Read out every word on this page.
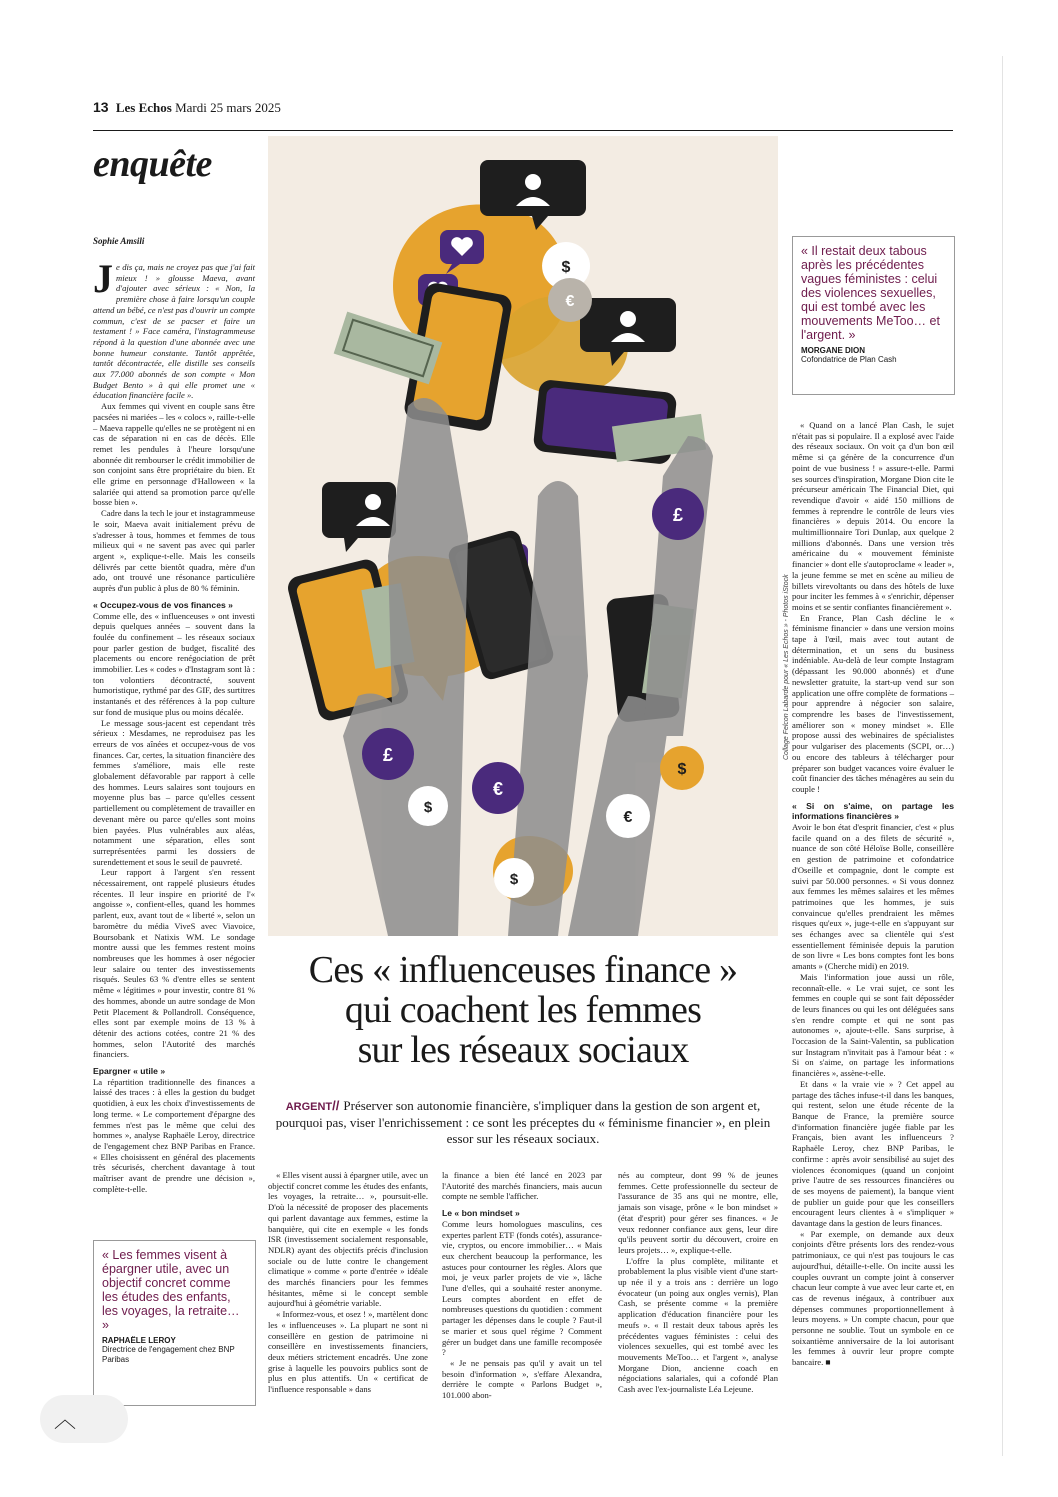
13 Les Echos Mardi 25 mars 2025
enquête
Sophie Amsili

Je dis ça, mais ne croyez pas que j'ai fait mieux ! » glousse Maeva, avant d'ajouter avec sérieux : « Non, la première chose à faire lorsqu'un couple attend un bébé, ce n'est pas d'ouvrir un compte commun, c'est de se pacser et faire un testament ! » Face caméra, l'instagrammeuse répond à la question d'une abonnée avec une bonne humeur constante. Tantôt apprêtée, tantôt décontractée, elle distille ses conseils aux 77.000 abonnés de son compte « Mon Budget Bento » à qui elle promet une « éducation financière facile ».

Aux femmes qui vivent en couple sans être pacsées ni mariées – les « colocs », raille-t-elle – Maeva rappelle qu'elles ne se protègent ni en cas de séparation ni en cas de décès. Elle remet les pendules à l'heure lorsqu'une abonnée dit rembourser le crédit immobilier de son conjoint sans être propriétaire du bien. Et elle grime en personnage d'Halloween « la salariée qui attend sa promotion parce qu'elle bosse bien ».

Cadre dans la tech le jour et instagrammeuse le soir, Maeva avait initialement prévu de s'adresser à tous, hommes et femmes de tous milieux qui « ne savent pas avec qui parler argent », explique-t-elle. Mais les conseils délivrés par cette bientôt quadra, mère d'un ado, ont trouvé une résonance particulière auprès d'un public à plus de 80 % féminin.

« Occupez-vous de vos finances »

Comme elle, des « influenceuses » ont investi depuis quelques années – souvent dans la foulée du confinement – les réseaux sociaux pour parler gestion de budget, fiscalité des placements ou encore renégociation de prêt immobilier. Les « codes » d'Instagram sont là : ton volontiers décontracté, souvent humoristique, rythmé par des GIF, des surtitres instantanés et des références à la pop culture sur fond de musique plus ou moins décalée.

Le message sous-jacent est cependant très sérieux : Mesdames, ne reproduisez pas les erreurs de vos aînées et occupez-vous de vos finances. Car, certes, la situation financière des femmes s'améliore, mais elle reste globalement défavorable par rapport à celle des hommes. Leurs salaires sont toujours en moyenne plus bas – parce qu'elles cessent partiellement ou complètement de travailler en devenant mère ou parce qu'elles sont moins bien payées. Plus vulnérables aux aléas, notamment une séparation, elles sont surreprésentées parmi les dossiers de surendettement et sous le seuil de pauvreté.

Leur rapport à l'argent s'en ressent nécessairement, ont rappelé plusieurs études récentes. Il leur inspire en priorité de l'« angoisse », confient-elles, quand les hommes parlent, eux, avant tout de « liberté », selon un baromètre du média ViveS avec Viavoice, Boursobank et Natixis WM. Le sondage montre aussi que les femmes restent moins nombreuses que les hommes à oser négocier leur salaire ou tenter des investissements risqués. Seules 63 % d'entre elles se sentent même « légitimes » pour investir, contre 81 % des hommes, abonde un autre sondage de Mon Petit Placement & Pollandroll. Conséquence, elles sont par exemple moins de 13 % à détenir des actions cotées, contre 21 % des hommes, selon l'Autorité des marchés financiers.

Epargner « utile »

La répartition traditionnelle des finances a laissé des traces : à elles la gestion du budget quotidien, à eux les choix d'investissements de long terme. « Le comportement d'épargne des femmes n'est pas le même que celui des hommes », analyse Raphaële Leroy, directrice de l'engagement chez BNP Paribas en France. « Elles choisissent en général des placements très sécurisés, cherchent davantage à tout maîtriser avant de prendre une décision », complète-t-elle.

« Les femmes visent à épargner utile, avec un objectif concret comme les études des enfants, les voyages, la retraite… »
RAPHAËLE LEROY
Directrice de l'engagement chez BNP Paribas
$
€
£
£
€
$
$
€
$
Collage Felcon Labarde pour « Les Echos » - Photos iStock
Ces « influenceuses finance »
qui coachent les femmes
sur les réseaux sociaux
ARGENT// Préserver son autonomie financière, s'impliquer dans la gestion de son argent et, pourquoi pas, viser l'enrichissement : ce sont les préceptes du « féminisme financier », en plein essor sur les réseaux sociaux.

« Elles visent aussi à épargner utile, avec un objectif concret comme les études des enfants, les voyages, la retraite… », poursuit-elle. D'où la nécessité de proposer des placements qui parlent davantage aux femmes, estime la banquière, qui cite en exemple « les fonds ISR (investissement socialement responsable, NDLR) ayant des objectifs précis d'inclusion sociale ou de lutte contre le changement climatique » comme « porte d'entrée » idéale des marchés financiers pour les femmes hésitantes, même si le concept semble aujourd'hui à géométrie variable.

« Informez-vous, et osez ! », martèlent donc les « influenceuses ». La plupart ne sont ni conseillère en gestion de patrimoine ni conseillère en investissements financiers, deux métiers strictement encadrés. Une zone grise à laquelle les pouvoirs publics sont de plus en plus attentifs. Un « certificat de l'influence responsable » dans

la finance a bien été lancé en 2023 par l'Autorité des marchés financiers, mais aucun compte ne semble l'afficher.

Le « bon mindset »

Comme leurs homologues masculins, ces expertes parlent ETF (fonds cotés), assurance-vie, cryptos, ou encore immobilier… « Mais eux cherchent beaucoup la performance, les astuces pour contourner les règles. Alors que moi, je veux parler projets de vie », lâche l'une d'elles, qui a souhaité rester anonyme. Leurs comptes abordent en effet de nombreuses questions du quotidien : comment partager les dépenses dans le couple ? Faut-il se marier et sous quel régime ? Comment gérer un budget dans une famille recomposée ?

« Je ne pensais pas qu'il y avait un tel besoin d'information », s'effare Alexandra, derrière le compte « Parlons Budget », 101.000 abon-

nés au compteur, dont 99 % de jeunes femmes. Cette professionnelle du secteur de l'assurance de 35 ans qui ne montre, elle, jamais son visage, prône « le bon mindset » (état d'esprit) pour gérer ses finances. « Je veux redonner confiance aux gens, leur dire qu'ils peuvent sortir du découvert, croire en leurs projets… », explique-t-elle.

L'offre la plus complète, militante et probablement la plus visible vient d'une start-up née il y a trois ans : derrière un logo évocateur (un poing aux ongles vernis), Plan Cash, se présente comme « la première application d'éducation financière pour les meufs ». « Il restait deux tabous après les précédentes vagues féministes : celui des violences sexuelles, qui est tombé avec les mouvements MeToo… et l'argent », analyse Morgane Dion, ancienne coach en négociations salariales, qui a cofondé Plan Cash avec l'ex-journaliste Léa Lejeune.

« Il restait deux tabous après les précédentes vagues féministes : celui des violences sexuelles, qui est tombé avec les mouvements MeToo… et l'argent. »
MORGANE DION
Cofondatrice de Plan Cash

« Quand on a lancé Plan Cash, le sujet n'était pas si populaire. Il a explosé avec l'aide des réseaux sociaux. On voit ça d'un bon œil même si ça génère de la concurrence d'un point de vue business ! » assure-t-elle. Parmi ses sources d'inspiration, Morgane Dion cite le précurseur américain The Financial Diet, qui revendique d'avoir « aidé 150 millions de femmes à reprendre le contrôle de leurs vies financières » depuis 2014. Ou encore la multimillionnaire Tori Dunlap, aux quelque 2 millions d'abonnés. Dans une version très américaine du « mouvement féministe financier » dont elle s'autoproclame « leader », la jeune femme se met en scène au milieu de billets virevoltants ou dans des hôtels de luxe pour inciter les femmes à « s'enrichir, dépenser moins et se sentir confiantes financièrement ».

En France, Plan Cash décline le « féminisme financier » dans une version moins tape à l'œil, mais avec tout autant de détermination, et un sens du business indéniable. Au-delà de leur compte Instagram (dépassant les 90.000 abonnés) et d'une newsletter gratuite, la start-up vend sur son application une offre complète de formations – pour apprendre à négocier son salaire, comprendre les bases de l'investissement, améliorer son « money mindset ». Elle propose aussi des webinaires de spécialistes pour vulgariser des placements (SCPI, or…) ou encore des tableurs à télécharger pour préparer son budget vacances voire évaluer le coût financier des tâches ménagères au sein du couple !

« Si on s'aime, on partage les informations financières »

Avoir le bon état d'esprit financier, c'est « plus facile quand on a des filets de sécurité », nuance de son côté Héloïse Bolle, conseillère en gestion de patrimoine et cofondatrice d'Oseille et compagnie, dont le compte est suivi par 50.000 personnes. « Si vous donnez aux femmes les mêmes salaires et les mêmes patrimoines que les hommes, je suis convaincue qu'elles prendraient les mêmes risques qu'eux », juge-t-elle en s'appuyant sur ses échanges avec sa clientèle qui s'est essentiellement féminisée depuis la parution de son livre « Les bons comptes font les bons amants » (Cherche midi) en 2019.

Mais l'information joue aussi un rôle, reconnaît-elle. « Le vrai sujet, ce sont les femmes en couple qui se sont fait déposséder de leurs finances ou qui les ont déléguées sans s'en rendre compte et qui ne sont pas autonomes », ajoute-t-elle. Sans surprise, à l'occasion de la Saint-Valentin, sa publication sur Instagram n'invitait pas à l'amour béat : « Si on s'aime, on partage les informations financières », assène-t-elle.

Et dans « la vraie vie » ? Cet appel au partage des tâches infuse-t-il dans les banques, qui restent, selon une étude récente de la Banque de France, la première source d'information financière jugée fiable par les Français, bien avant les influenceurs ? Raphaële Leroy, chez BNP Paribas, le confirme : après avoir sensibilisé au sujet des violences économiques (quand un conjoint prive l'autre de ses ressources financières ou de ses moyens de paiement), la banque vient de publier un guide pour que les conseillers encouragent leurs clientes à « s'impliquer » davantage dans la gestion de leurs finances.

« Par exemple, on demande aux deux conjoints d'être présents lors des rendez-vous patrimoniaux, ce qui n'est pas toujours le cas aujourd'hui, détaille-t-elle. On incite aussi les couples ouvrant un compte joint à conserver chacun leur compte à vue avec leur carte et, en cas de revenus inégaux, à contribuer aux dépenses communes proportionnellement à leurs moyens. » Un compte chacun, pour que personne ne soublie. Tout un symbole en ce soixantième anniversaire de la loi autorisant les femmes à ouvrir leur propre compte bancaire. ■

︿
